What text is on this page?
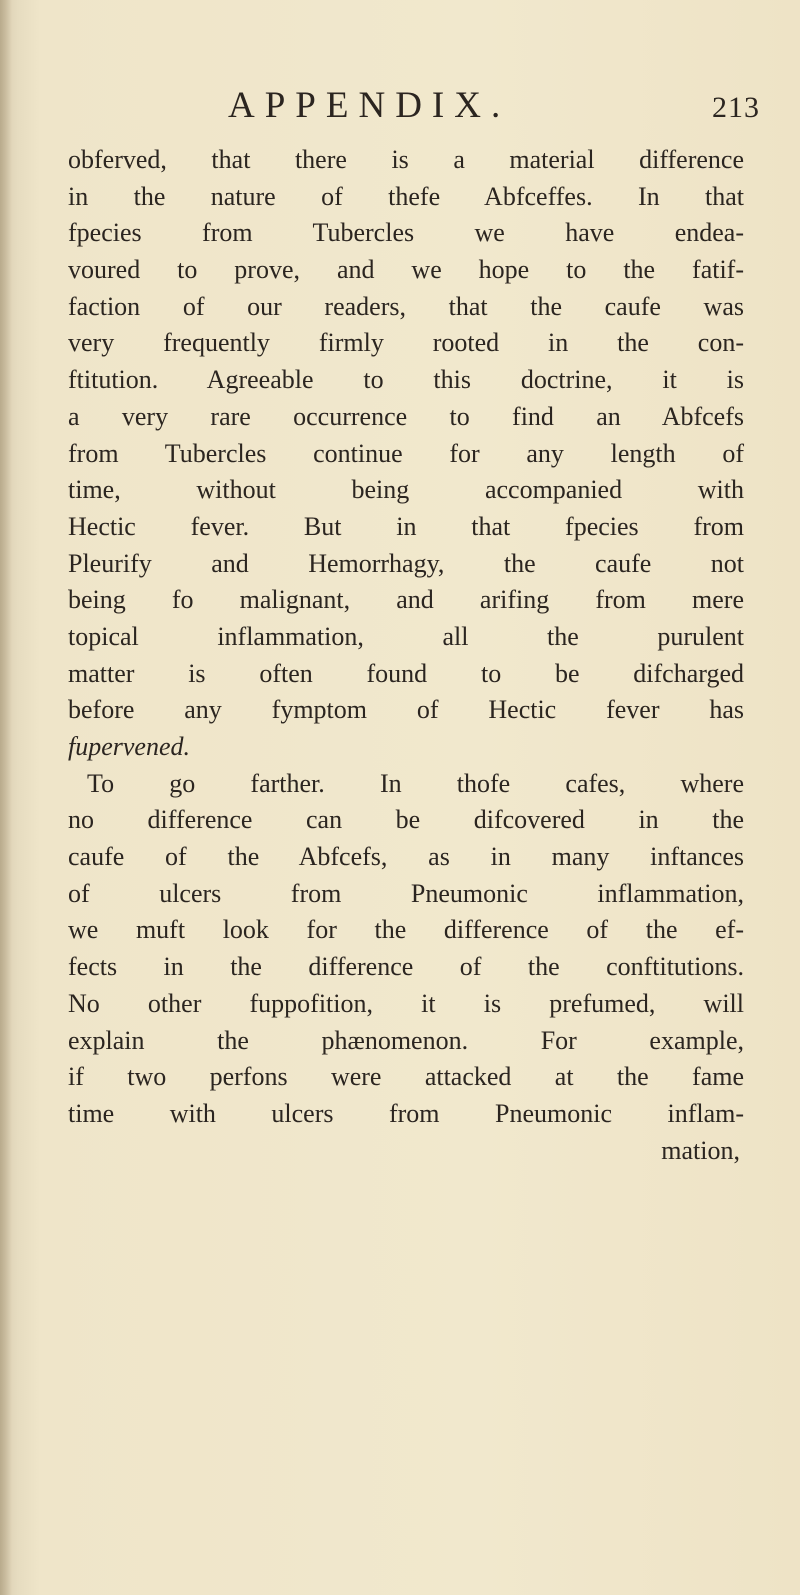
APPENDIX.	213
obferved, that there is a material difference
in the nature of thefe Abfceffes. In that
fpecies from Tubercles we have endea-
voured to prove, and we hope to the fatif-
faction of our readers, that the caufe was
very frequently firmly rooted in the con-
ftitution. Agreeable to this doctrine, it is
a very rare occurrence to find an Abfcefs
from Tubercles continue for any length of
time, without being accompanied with
Hectic fever. But in that fpecies from
Pleurify and Hemorrhagy, the caufe not
being fo malignant, and arifing from mere
topical inflammation, all the purulent
matter is often found to be difcharged
before any fymptom of Hectic fever has
fupervened.
To go farther. In thofe cafes, where
no difference can be difcovered in the
caufe of the Abfcefs, as in many inftances
of ulcers from Pneumonic inflammation,
we muft look for the difference of the ef-
fects in the difference of the conftitutions.
No other fuppofition, it is prefumed, will
explain the phænomenon. For example,
if two perfons were attacked at the fame
time with ulcers from Pneumonic inflam-
mation,
